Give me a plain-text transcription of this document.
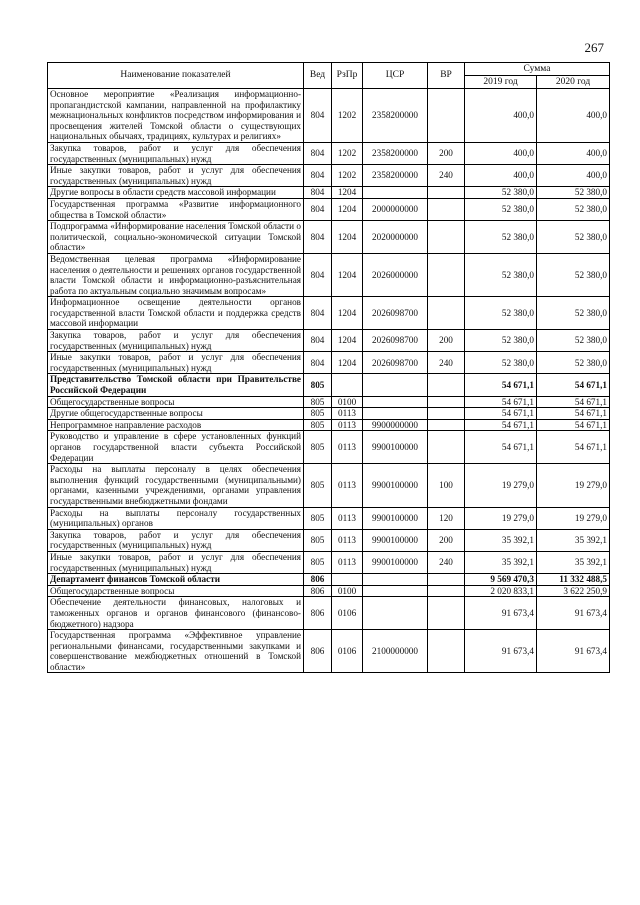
267
Наименование показателей	Вед	РзПр	ЦСР	ВР	Сумма	
					2019 год	2020 год
Основное мероприятие «Реализация информационно-пропагандистской кампании, направленной на профилактику межнациональных конфликтов посредством информирования и просвещения жителей Томской области о существующих национальных обычаях, традициях, культурах и религиях»	804	1202	2358200000		400,0	400,0
Закупка товаров, работ и услуг для обеспечения государственных (муниципальных) нужд	804	1202	2358200000	200	400,0	400,0
Иные закупки товаров, работ и услуг для обеспечения государственных (муниципальных) нужд	804	1202	2358200000	240	400,0	400,0
Другие вопросы в области средств массовой информации	804	1204			52 380,0	52 380,0
Государственная программа «Развитие информационного общества в Томской области»	804	1204	2000000000		52 380,0	52 380,0
Подпрограмма «Информирование населения Томской области о политической, социально-экономической ситуации Томской области»	804	1204	2020000000		52 380,0	52 380,0
Ведомственная целевая программа «Информирование населения о деятельности и решениях органов государственной власти Томской области и информационно-разъяснительная работа по актуальным социально значимым вопросам»	804	1204	2026000000		52 380,0	52 380,0
Информационное освещение деятельности органов государственной власти Томской области и поддержка средств массовой информации	804	1204	2026098700		52 380,0	52 380,0
Закупка товаров, работ и услуг для обеспечения государственных (муниципальных) нужд	804	1204	2026098700	200	52 380,0	52 380,0
Иные закупки товаров, работ и услуг для обеспечения государственных (муниципальных) нужд	804	1204	2026098700	240	52 380,0	52 380,0
Представительство Томской области при Правительстве Российской Федерации	805				54 671,1	54 671,1
Общегосударственные вопросы	805	0100			54 671,1	54 671,1
Другие общегосударственные вопросы	805	0113			54 671,1	54 671,1
Непрограммное направление расходов	805	0113	9900000000		54 671,1	54 671,1
Руководство и управление в сфере установленных функций органов государственной власти субъекта Российской Федерации	805	0113	9900100000		54 671,1	54 671,1
Расходы на выплаты персоналу в целях обеспечения выполнения функций государственными (муниципальными) органами, казенными учреждениями, органами управления государственными внебюджетными фондами	805	0113	9900100000	100	19 279,0	19 279,0
Расходы на выплаты персоналу государственных (муниципальных) органов	805	0113	9900100000	120	19 279,0	19 279,0
Закупка товаров, работ и услуг для обеспечения государственных (муниципальных) нужд	805	0113	9900100000	200	35 392,1	35 392,1
Иные закупки товаров, работ и услуг для обеспечения государственных (муниципальных) нужд	805	0113	9900100000	240	35 392,1	35 392,1
Департамент финансов Томской области	806				9 569 470,3	11 332 488,5
Общегосударственные вопросы	806	0100			2 020 833,1	3 622 250,9
Обеспечение деятельности финансовых, налоговых и таможенных органов и органов финансового (финансово-бюджетного) надзора	806	0106			91 673,4	91 673,4
Государственная программа «Эффективное управление региональными финансами, государственными закупками и совершенствование межбюджетных отношений в Томской области»	806	0106	2100000000		91 673,4	91 673,4
